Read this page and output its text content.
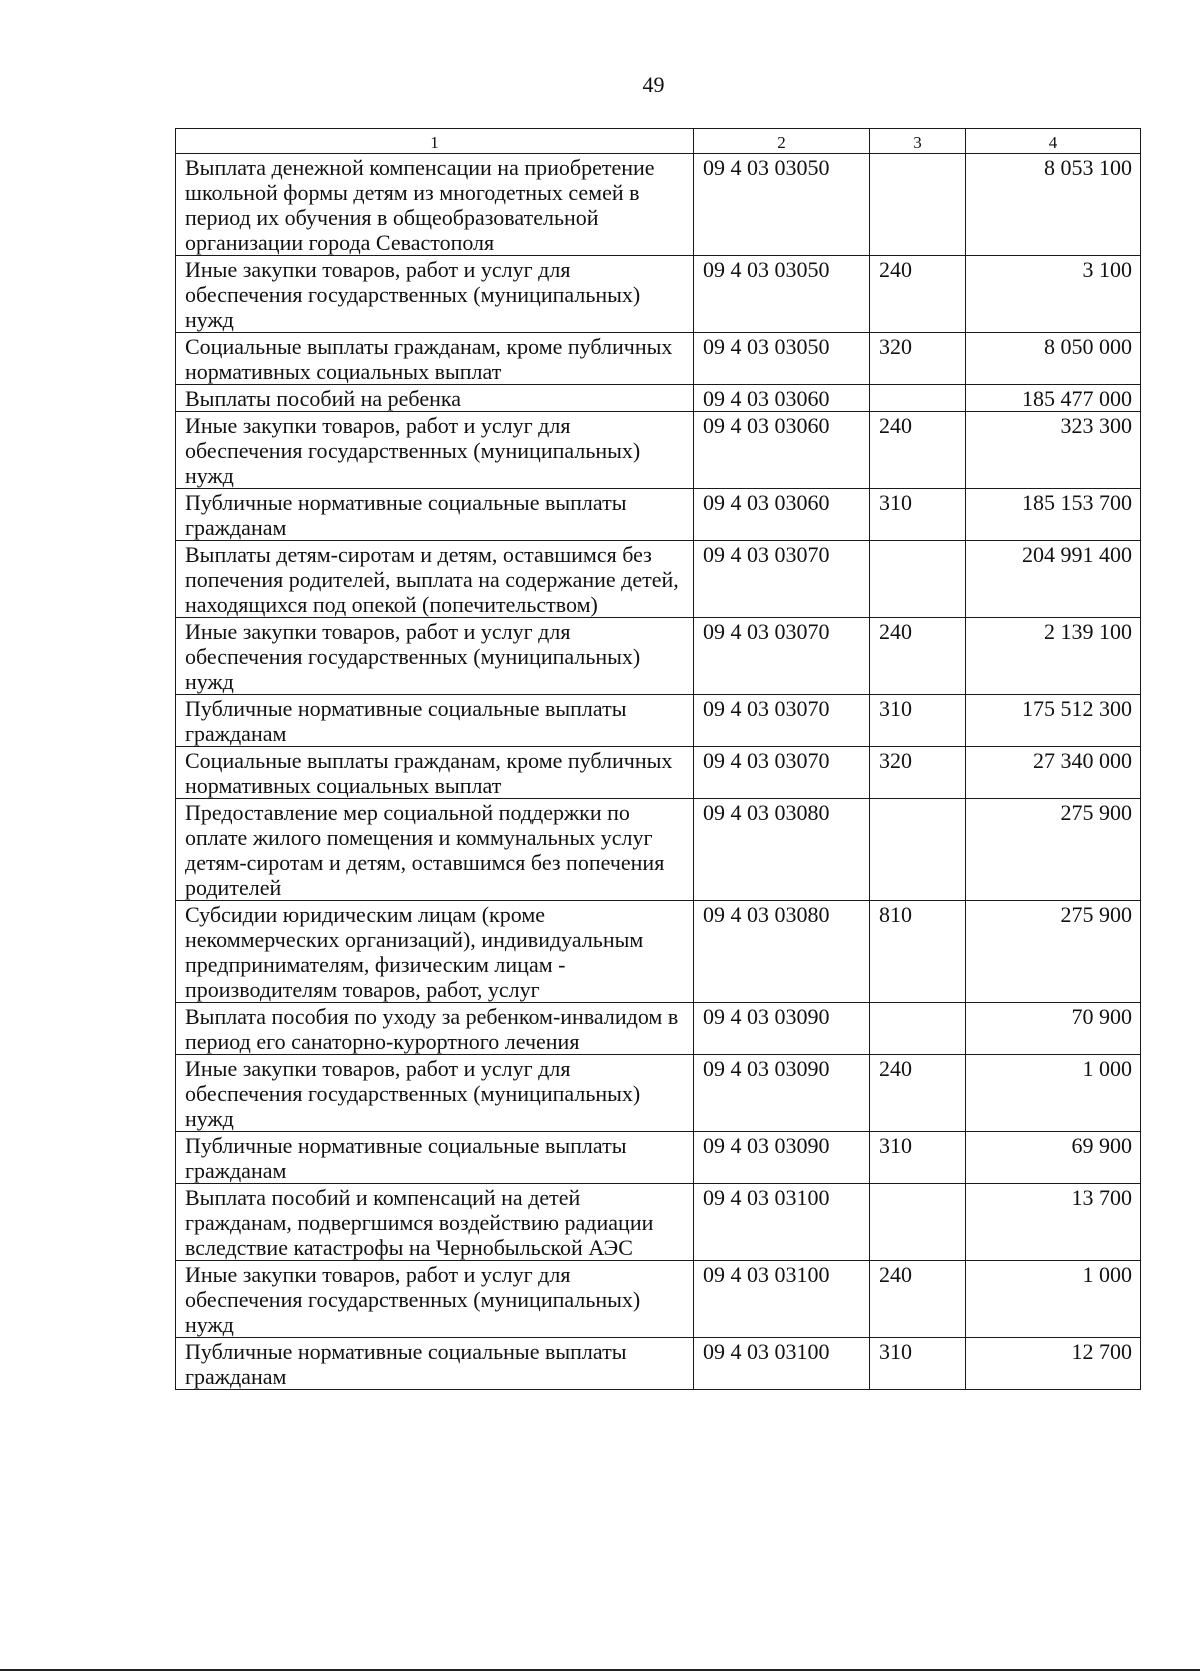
49
1	2	3	4
Выплата денежной компенсации на приобретение школьной формы детям из многодетных семей в период их обучения в общеобразовательной организации города Севастополя	09 4 03 03050		8 053 100
Иные закупки товаров, работ и услуг для обеспечения государственных (муниципальных) нужд	09 4 03 03050	240	3 100
Социальные выплаты гражданам, кроме публичных нормативных социальных выплат	09 4 03 03050	320	8 050 000
Выплаты пособий на ребенка	09 4 03 03060		185 477 000
Иные закупки товаров, работ и услуг для обеспечения государственных (муниципальных) нужд	09 4 03 03060	240	323 300
Публичные нормативные социальные выплаты гражданам	09 4 03 03060	310	185 153 700
Выплаты детям-сиротам и детям, оставшимся без попечения родителей, выплата на содержание детей, находящихся под опекой (попечительством)	09 4 03 03070		204 991 400
Иные закупки товаров, работ и услуг для обеспечения государственных (муниципальных) нужд	09 4 03 03070	240	2 139 100
Публичные нормативные социальные выплаты гражданам	09 4 03 03070	310	175 512 300
Социальные выплаты гражданам, кроме публичных нормативных социальных выплат	09 4 03 03070	320	27 340 000
Предоставление мер социальной поддержки по оплате жилого помещения и коммунальных услуг детям-сиротам и детям, оставшимся без попечения родителей	09 4 03 03080		275 900
Субсидии юридическим лицам (кроме некоммерческих организаций), индивидуальным предпринимателям, физическим лицам - производителям товаров, работ, услуг	09 4 03 03080	810	275 900
Выплата пособия по уходу за ребенком-инвалидом в период его санаторно-курортного лечения	09 4 03 03090		70 900
Иные закупки товаров, работ и услуг для обеспечения государственных (муниципальных) нужд	09 4 03 03090	240	1 000
Публичные нормативные социальные выплаты гражданам	09 4 03 03090	310	69 900
Выплата пособий и компенсаций на детей гражданам, подвергшимся воздействию радиации вследствие катастрофы на Чернобыльской АЭС	09 4 03 03100		13 700
Иные закупки товаров, работ и услуг для обеспечения государственных (муниципальных) нужд	09 4 03 03100	240	1 000
Публичные нормативные социальные выплаты гражданам	09 4 03 03100	310	12 700
